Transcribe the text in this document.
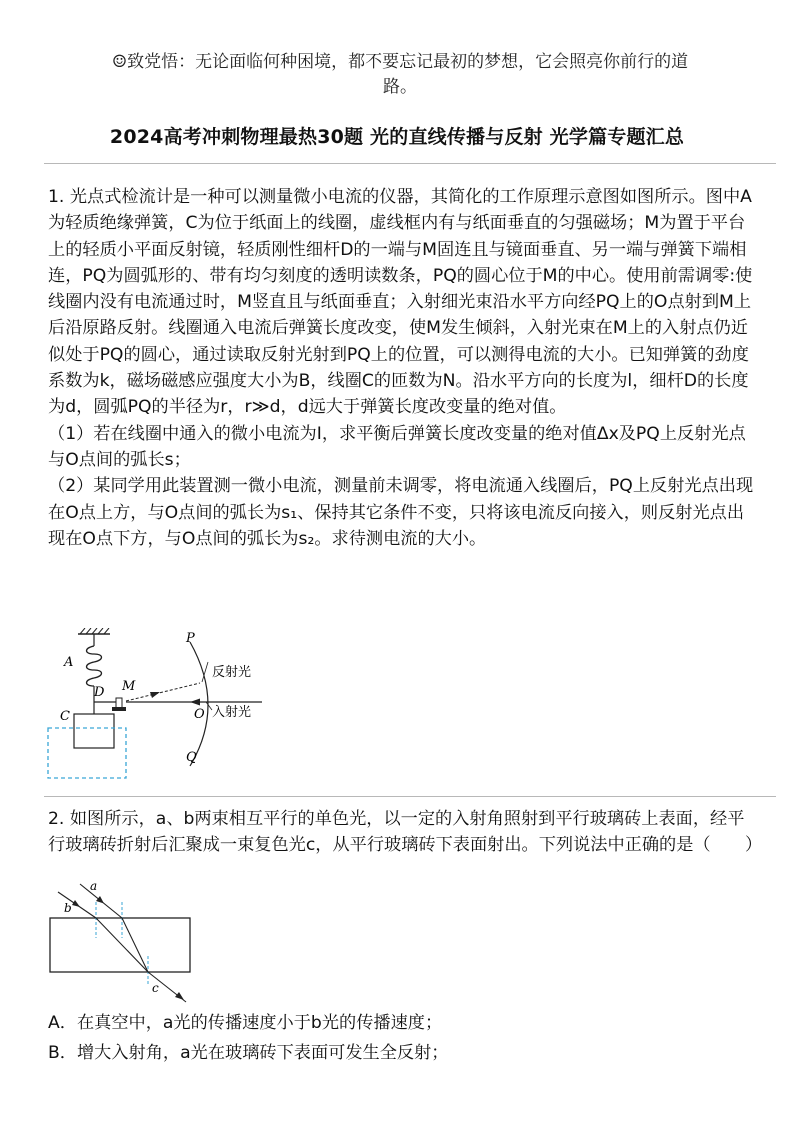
☺致党悟：无论面临何种困境，都不要忘记最初的梦想，它会照亮你前行的道
路。
2024高考冲刺物理最热30题 光的直线传播与反射 光学篇专题汇总

1. 光点式检流计是一种可以测量微小电流的仪器，其简化的工作原理示意图如图所示。图中A为轻质绝缘弹簧，C为位于纸面上的线圈，虚线框内有与纸面垂直的匀强磁场；M为置于平台上的轻质小平面反射镜，轻质刚性细杆D的一端与M固连且与镜面垂直、另一端与弹簧下端相连，PQ为圆弧形的、带有均匀刻度的透明读数条，PQ的圆心位于M的中心。使用前需调零:使线圈内没有电流通过时，M竖直且与纸面垂直；入射细光束沿水平方向经PQ上的O点射到M上后沿原路反射。线圈通入电流后弹簧长度改变，使M发生倾斜，入射光束在M上的入射点仍近似处于PQ的圆心，通过读取反射光射到PQ上的位置，可以测得电流的大小。已知弹簧的劲度系数为k，磁场磁感应强度大小为B，线圈C的匝数为N。沿水平方向的长度为l，细杆D的长度为d，圆弧PQ的半径为r，r≫d，d远大于弹簧长度改变量的绝对值。

（1）若在线圈中通入的微小电流为I，求平衡后弹簧长度改变量的绝对值Δx及PQ上反射光点与O点间的弧长s；

（2）某同学用此装置测一微小电流，测量前未调零，将电流通入线圈后，PQ上反射光点出现在O点上方，与O点间的弧长为s₁、保持其它条件不变，只将该电流反向接入，则反射光点出现在O点下方，与O点间的弧长为s₂。求待测电流的大小。

A
C
D M
P
Q
O
反射光
入射光

2. 如图所示，a、b两束相互平行的单色光，以一定的入射角照射到平行玻璃砖上表面，经平行玻璃砖折射后汇聚成一束复色光c，从平行玻璃砖下表面射出。下列说法中正确的是（　　）

a
b
c
A．在真空中，a光的传播速度小于b光的传播速度；
B．增大入射角，a光在玻璃砖下表面可发生全反射；
